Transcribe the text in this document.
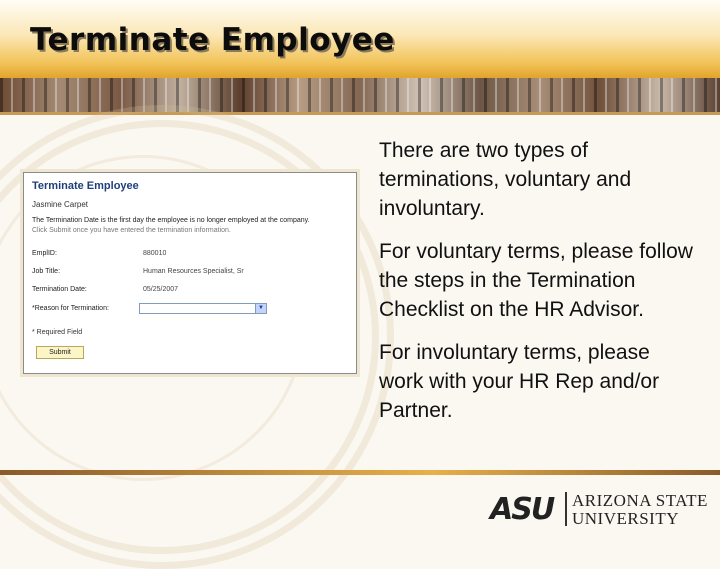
Terminate Employee
Terminate Employee
Jasmine Carpet
The Termination Date is the first day the employee is no longer employed at the company.
Click Submit once you have entered the termination information.
EmplID:	880010
Job Title:	Human Resources Specialist, Sr
Termination Date:	05/25/2007
*Reason for Termination:	▼
* Required Field
Submit

There are two types of terminations, voluntary and involuntary.

For voluntary terms, please follow the steps in the Termination Checklist on the HR Advisor.

For involuntary terms, please work with your HR Rep and/or Partner.

ASU ARIZONA STATE
UNIVERSITY
